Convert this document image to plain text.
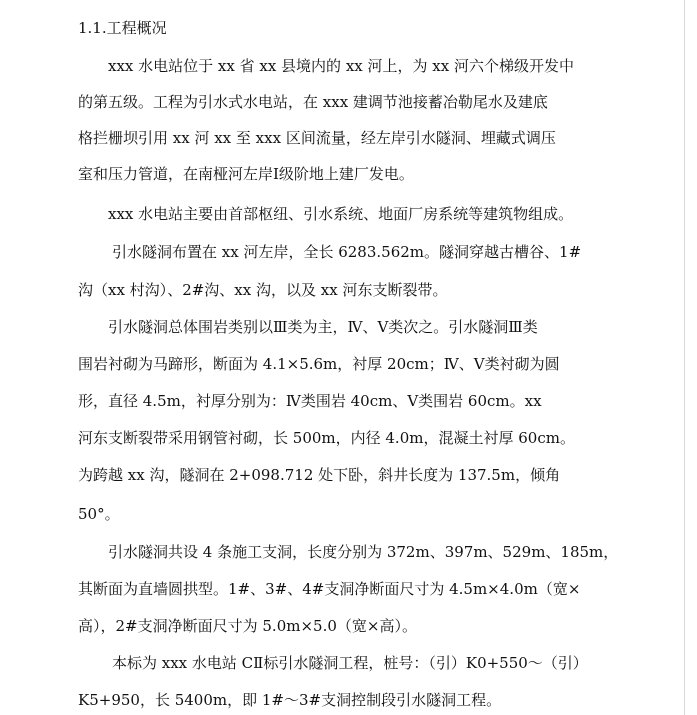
1.1.工程概况
xxx 水电站位于 xx 省 xx 县境内的 xx 河上，为 xx 河六个梯级开发中
的第五级。工程为引水式水电站，在 xxx 建调节池接蓄冶勒尾水及建底
格拦栅坝引用 xx 河 xx 至 xxx 区间流量，经左岸引水隧洞、埋藏式调压
室和压力管道，在南桠河左岸Ⅰ级阶地上建厂发电。
xxx 水电站主要由首部枢纽、引水系统、地面厂房系统等建筑物组成。
引水隧洞布置在 xx 河左岸，全长 6283.562m。隧洞穿越古槽谷、1#
沟（xx 村沟）、2#沟、xx 沟，以及 xx 河东支断裂带。
引水隧洞总体围岩类别以Ⅲ类为主，Ⅳ、Ⅴ类次之。引水隧洞Ⅲ类
围岩衬砌为马蹄形，断面为 4.1×5.6m，衬厚 20cm；Ⅳ、Ⅴ类衬砌为圆
形，直径 4.5m，衬厚分别为：Ⅳ类围岩 40cm、Ⅴ类围岩 60cm。xx
河东支断裂带采用钢管衬砌，长 500m，内径 4.0m，混凝土衬厚 60cm。
为跨越 xx 沟，隧洞在 2+098.712 处下卧，斜井长度为 137.5m，倾角
50°。
引水隧洞共设 4 条施工支洞，长度分别为 372m、397m、529m、185m，
其断面为直墙圆拱型。1#、3#、4#支洞净断面尺寸为 4.5m×4.0m（宽×
高），2#支洞净断面尺寸为 5.0m×5.0（宽×高）。
本标为 xxx 水电站 CⅡ标引水隧洞工程，桩号：（引）K0+550～（引）
K5+950，长 5400m，即 1#～3#支洞控制段引水隧洞工程。
